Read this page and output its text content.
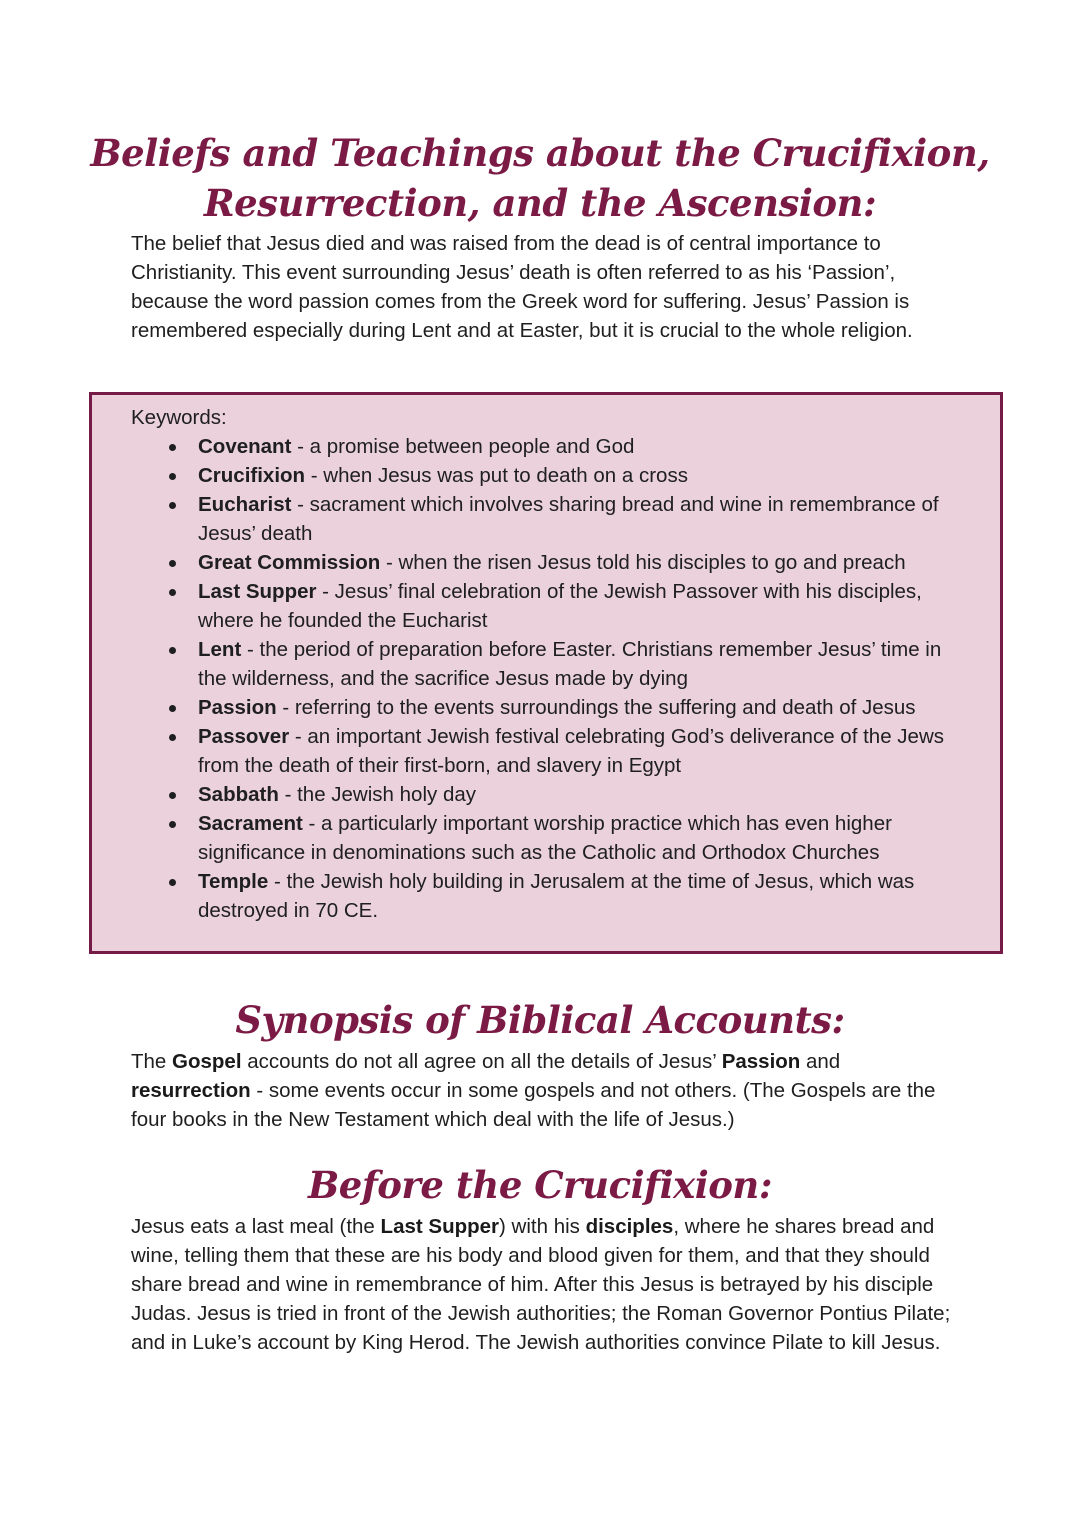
Beliefs and Teachings about the Crucifixion,
Resurrection, and the Ascension:

The belief that Jesus died and was raised from the dead is of central importance to Christianity. This event surrounding Jesus’ death is often referred to as his ‘Passion’, because the word passion comes from the Greek word for suffering. Jesus’ Passion is remembered especially during Lent and at Easter, but it is crucial to the whole religion.

Keywords:
Covenant - a promise between people and God
Crucifixion - when Jesus was put to death on a cross
Eucharist - sacrament which involves sharing bread and wine in remembrance of Jesus’ death
Great Commission - when the risen Jesus told his disciples to go and preach
Last Supper - Jesus’ final celebration of the Jewish Passover with his disciples, where he founded the Eucharist
Lent - the period of preparation before Easter. Christians remember Jesus’ time in the wilderness, and the sacrifice Jesus made by dying
Passion - referring to the events surroundings the suffering and death of Jesus
Passover - an important Jewish festival celebrating God’s deliverance of the Jews from the death of their first-born, and slavery in Egypt
Sabbath - the Jewish holy day
Sacrament - a particularly important worship practice which has even higher significance in denominations such as the Catholic and Orthodox Churches
Temple - the Jewish holy building in Jerusalem at the time of Jesus, which was destroyed in 70 CE.
Synopsis of Biblical Accounts:

The Gospel accounts do not all agree on all the details of Jesus’ Passion and resurrection - some events occur in some gospels and not others. (The Gospels are the four books in the New Testament which deal with the life of Jesus.)

Before the Crucifixion:

Jesus eats a last meal (the Last Supper) with his disciples, where he shares bread and wine, telling them that these are his body and blood given for them, and that they should share bread and wine in remembrance of him. After this Jesus is betrayed by his disciple Judas. Jesus is tried in front of the Jewish authorities; the Roman Governor Pontius Pilate; and in Luke’s account by King Herod. The Jewish authorities convince Pilate to kill Jesus.
